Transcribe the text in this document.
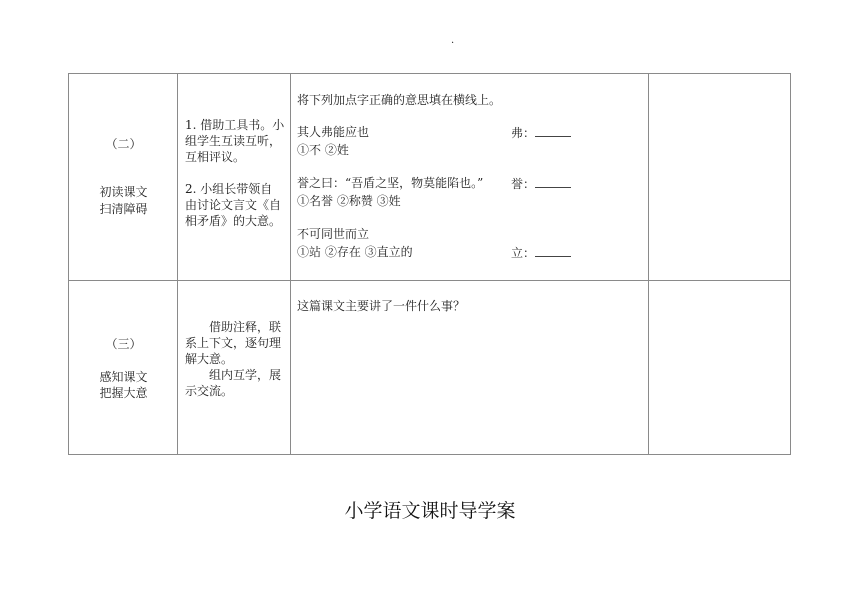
.
（二）
初读课文
扫清障碍

1. 借助工具书。小

组学生互读互听，

互相评议。

2. 小组长带领自

由讨论文言文《自

相矛盾》的大意。

将下列加点字正确的意思填在横线上。
其人弗能应也	弗：
①不 ②姓
誉之曰：“吾盾之坚，物莫能陷也。” 誉：
①名誉 ②称赞 ③姓
不可同世而立
①站 ②存在 ③直立的	立：
（三）
感知课文
把握大意

借助注释，联

系上下文，逐句理

解大意。

组内互学，展

示交流。

这篇课文主要讲了一件什么事？
小学语文课时导学案
